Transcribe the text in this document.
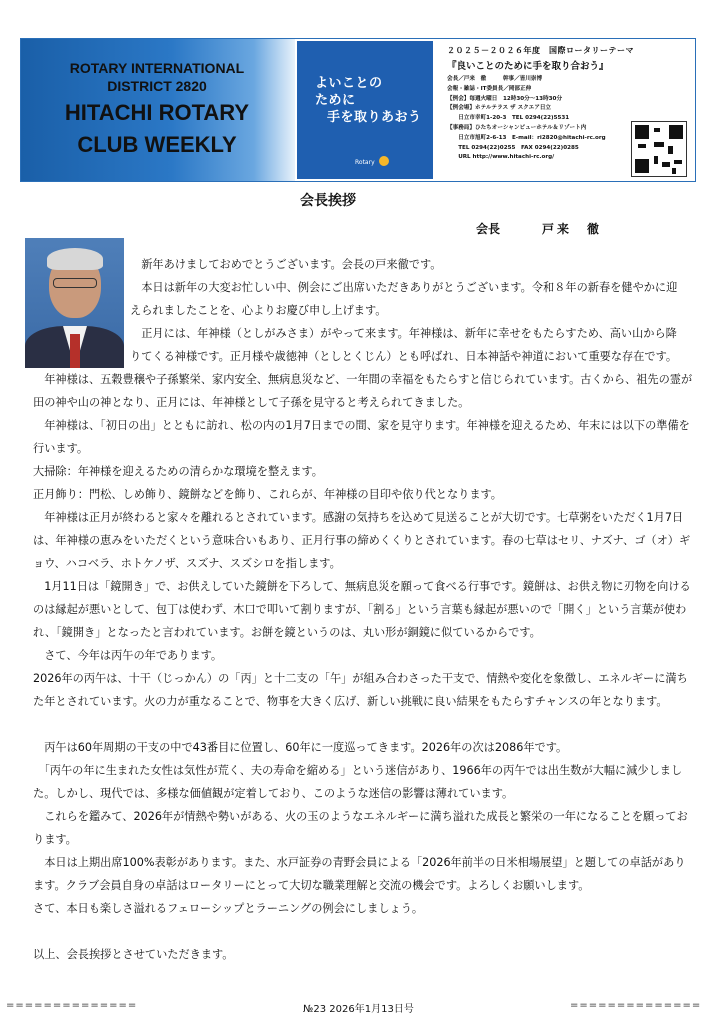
ROTARY INTERNATIONAL
DISTRICT 2820
HITACHI ROTARY
CLUB WEEKLY
よいことの
ために
手を取りあおう
Rotary
２０２５－２０２６年度　国際ロータリーテーマ
『良いことのために手を取り合おう』
会長／戸来　徹　　　幹事／皆川崇博
会報・雑誌・IT委員長／岡部正伸
【例会】毎週火曜日　12時30分～13時30分
【例会場】ホテルテラス ザ スクエア日立
　　日立市幸町1-20-3　TEL 0294(22)5531
【事務局】ひたちオーシャンビューホテル＆リゾート内
　　日立市旭町2-6-13　E-mail：ri2820@hitachi-rc.org
　　TEL 0294(22)0255　FAX 0294(22)0285
　　URL http://www.hitachi-rc.org/
会長挨拶
会長	戸来　徹

　新年あけましておめでとうございます。会長の戸来徹です。

　本日は新年の大変お忙しい中、例会にご出席いただきありがとうございます。令和８年の新春を健やかに迎えられましたことを、心よりお慶び申し上げます。

　正月には、年神様（としがみさま）がやって来ます。年神様は、新年に幸せをもたらすため、高い山から降りてくる神様です。正月様や歳徳神（としとくじん）とも呼ばれ、日本神話や神道において重要な存在です。

　年神様は、五穀豊穣や子孫繁栄、家内安全、無病息災など、一年間の幸福をもたらすと信じられています。古くから、祖先の霊が田の神や山の神となり、正月には、年神様として子孫を見守ると考えられてきました。

　年神様は、「初日の出」とともに訪れ、松の内の1月7日までの間、家を見守ります。年神様を迎えるため、年末には以下の準備を行います。

大掃除：年神様を迎えるための清らかな環境を整えます。

正月飾り：門松、しめ飾り、鏡餅などを飾り、これらが、年神様の目印や依り代となります。

　年神様は正月が終わると家々を離れるとされています。感謝の気持ちを込めて見送ることが大切です。七草粥をいただく1月7日は、年神様の恵みをいただくという意味合いもあり、正月行事の締めくくりとされています。春の七草はセリ、ナズナ、ゴ（オ）ギョウ、ハコベラ、ホトケノザ、スズナ、スズシロを指します。

　1月11日は「鏡開き」で、お供えしていた鏡餅を下ろして、無病息災を願って食べる行事です。鏡餅は、お供え物に刃物を向けるのは縁起が悪いとして、包丁は使わず、木口で叩いて割りますが、「割る」という言葉も縁起が悪いので「開く」という言葉が使われ、「鏡開き」となったと言われています。お餅を鏡というのは、丸い形が銅鏡に似ているからです。

　さて、今年は丙午の年であります。

2026年の丙午は、十干（じっかん）の「丙」と十二支の「午」が組み合わさった干支で、情熱や変化を象徴し、エネルギーに満ちた年とされています。火の力が重なることで、物事を大きく広げ、新しい挑戦に良い結果をもたらすチャンスの年となります。

　丙午は60年周期の干支の中で43番目に位置し、60年に一度巡ってきます。2026年の次は2086年です。

　「丙午の年に生まれた女性は気性が荒く、夫の寿命を縮める」という迷信があり、1966年の丙午では出生数が大幅に減少しました。しかし、現代では、多様な価値観が定着しており、このような迷信の影響は薄れています。

　これらを鑑みて、2026年が情熱や勢いがある、火の玉のようなエネルギーに満ち溢れた成長と繁栄の一年になることを願っております。

　本日は上期出席100%表彰があります。また、水戸証券の青野会員による「2026年前半の日米相場展望」と題しての卓話があります。クラブ会員自身の卓話はロータリーにとって大切な職業理解と交流の機会です。よろしくお願いします。

さて、本日も楽しさ溢れるフェローシップとラーニングの例会にしましょう。

以上、会長挨拶とさせていただきます。

==============	№23 2026年1月13日号	==============
